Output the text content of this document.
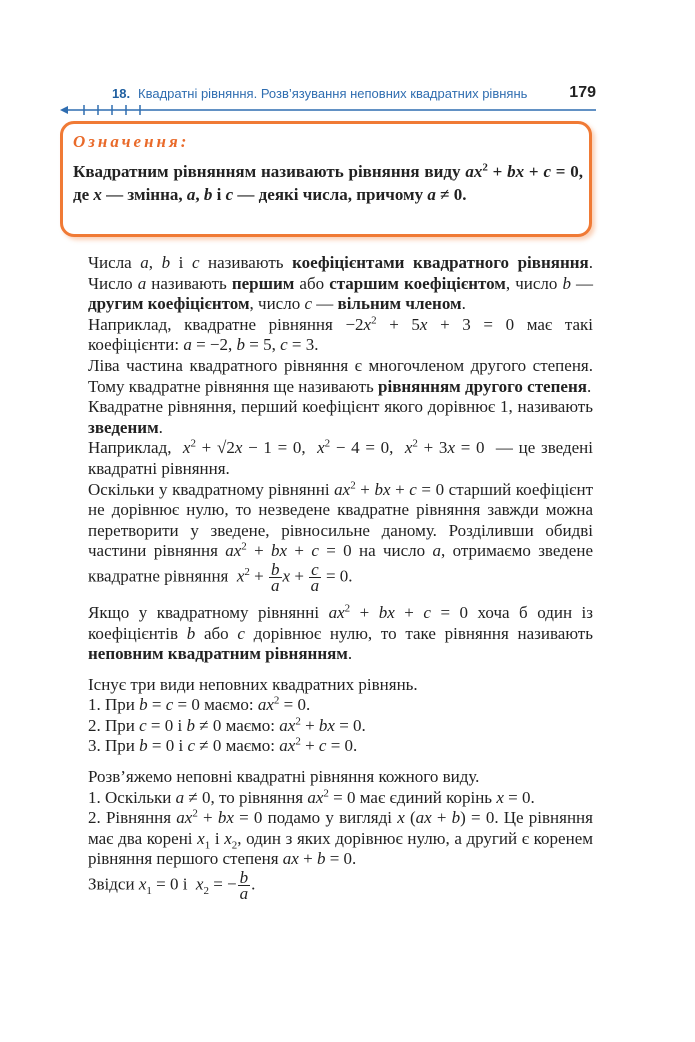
18. Квадратні рівняння. Розв’язування неповних квадратних рівнянь	179
Означення:
Квадратним рівнянням називають рівняння виду $ax^2$ + bx + c = 0, де x — змінна, a, b і c — деякі числа, причому a ≠ 0.

Числа a, b і c називають коефіцієнтами квадратного рівняння. Число a називають першим або старшим коефіцієнтом, число b — другим коефіцієнтом, число c — вільним членом.

Наприклад, квадратне рівняння $-2x^2 + 5x + 3 = 0$ має такі коефіцієнти: a = −2, b = 5, c = 3.

Ліва частина квадратного рівняння є многочленом другого степеня. Тому квадратне рівняння ще називають рівнянням другого степеня.

Квадратне рівняння, перший коефіцієнт якого дорівнює 1, називають зведеним.

Наприклад,  $x^2 + √2x - 1 = 0$,  $x^2 - 4 = 0$,  $x^2 + 3x = 0$  — це зведені квадратні рівняння.

Оскільки у квадратному рівнянні $ax^2$ + bx + c = 0 старший коефіцієнт не дорівнює нулю, то незведене квадратне рівняння завжди можна перетворити у зведене, рівносильне даному. Розділивши обидві частини рівняння $ax^2$ + bx + c = 0 на число a, отримаємо зведене квадратне рівняння  $x^2 + \frac{b}{a}$ $x + \frac{c}{a} = 0$.

Якщо у квадратному рівнянні $ax^2$ + bx + c = 0 хоча б один із коефіцієнтів b або c дорівнює нулю, то таке рівняння називають неповним квадратним рівнянням.

Існує три види неповних квадратних рівнянь.

1. При b = c = 0 маємо: $ax^2 = 0$.

2. При c = 0 і b ≠ 0 маємо: $ax^2$ + bx = 0.

3. При b = 0 і c ≠ 0 маємо: $ax^2 + c = 0$.

Розв’яжемо неповні квадратні рівняння кожного виду.

1. Оскільки a ≠ 0, то рівняння $ax^2 = 0$ має єдиний корінь x = 0.

2. Рівняння $ax^2$ + bx = 0 подамо у вигляді x (ax + b) = 0. Це рівняння має два корені $x_1$ і $x_2$, один з яких дорівнює нулю, а другий є коренем рівняння першого степеня ax + b = 0.

Звідси $x_1 = 0$ і  $x_2$ = − $\frac{b}{a}$ .
